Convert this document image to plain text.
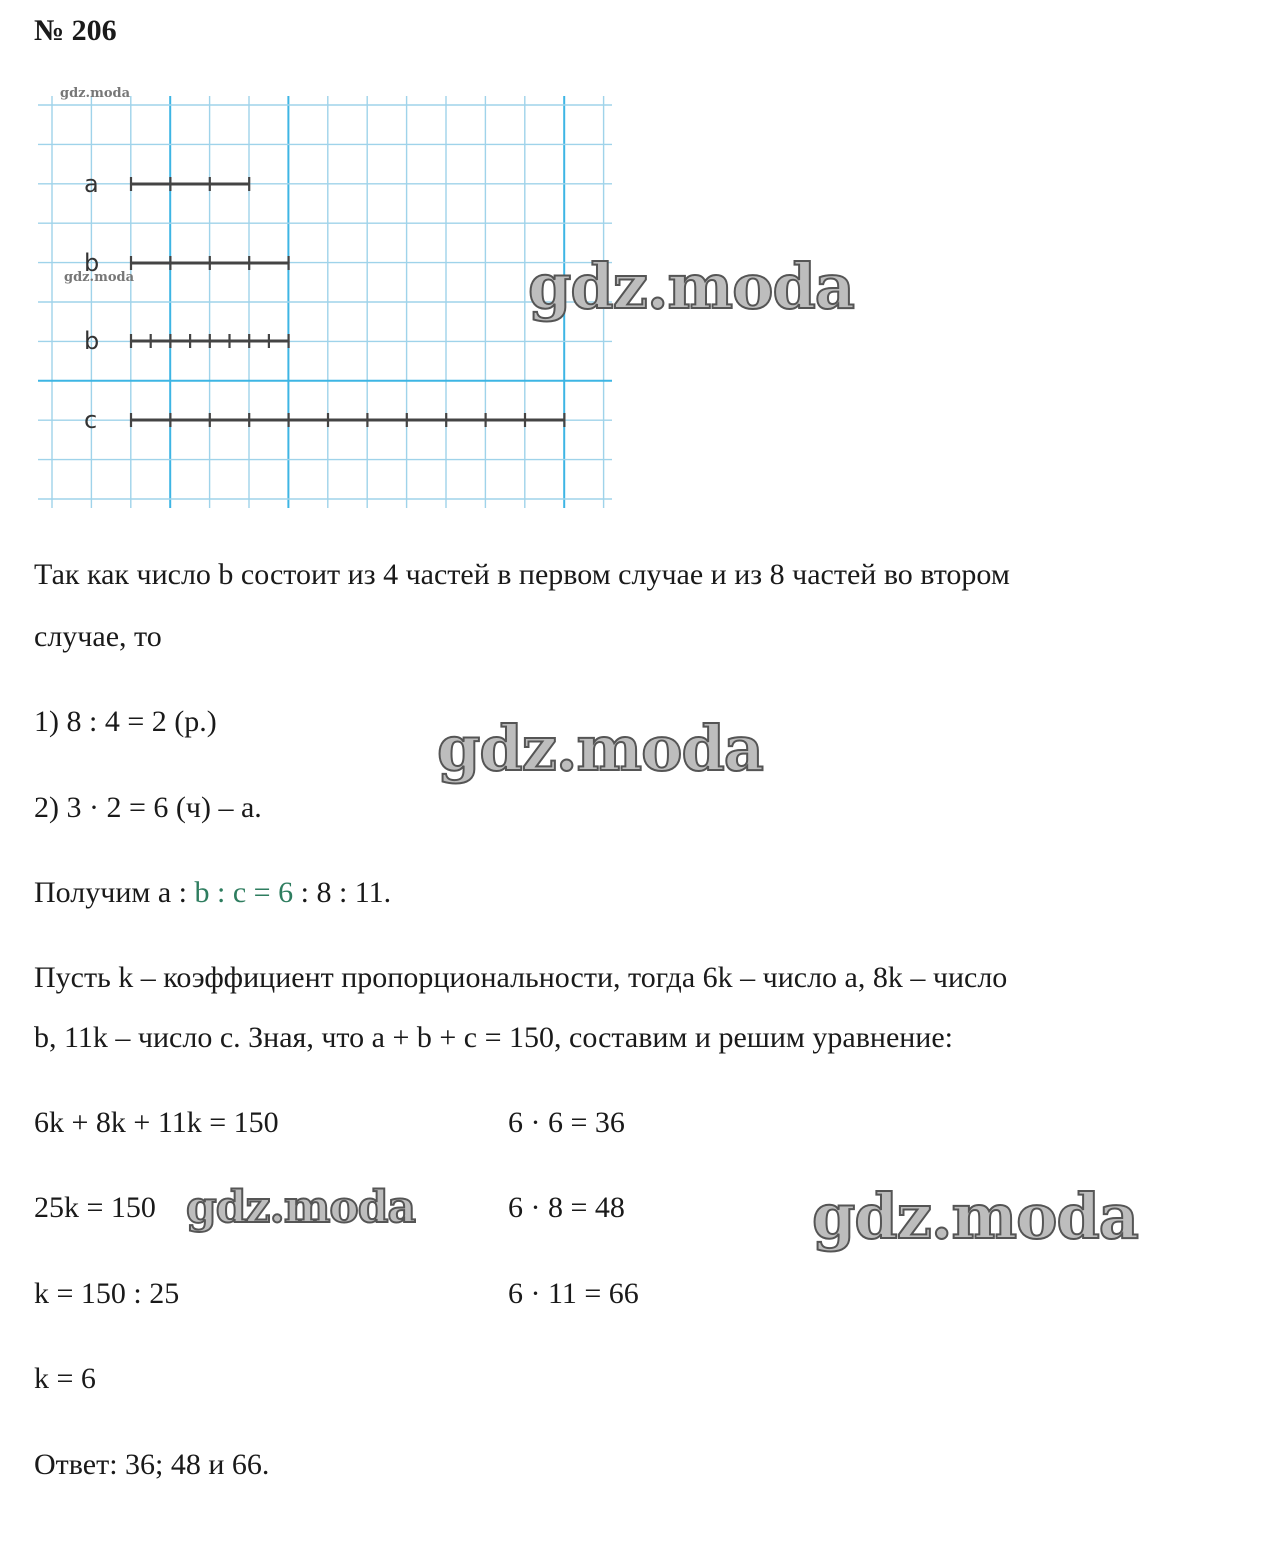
№ 206
a
b
b
c
gdz.moda
gdz.moda
Так как число b состоит из 4 частей в первом случае и из 8 частей во втором
случае, то
1) 8 : 4 = 2 (р.)
2) 3 · 2 = 6 (ч) – а.
Получим а : b : c = 6 : 8 : 11.
Пусть k – коэффициент пропорциональности, тогда 6k – число а, 8k – число
b, 11k – число с. Зная, что а + b + c = 150, составим и решим уравнение:
6k + 8k + 11k = 150
25k = 150
k = 150 : 25
k = 6
6 · 6 = 36
6 · 8 = 48
6 · 11 = 66
Ответ: 36; 48 и 66.
gdz.moda
gdz.moda
gdz.moda	gdz.moda
